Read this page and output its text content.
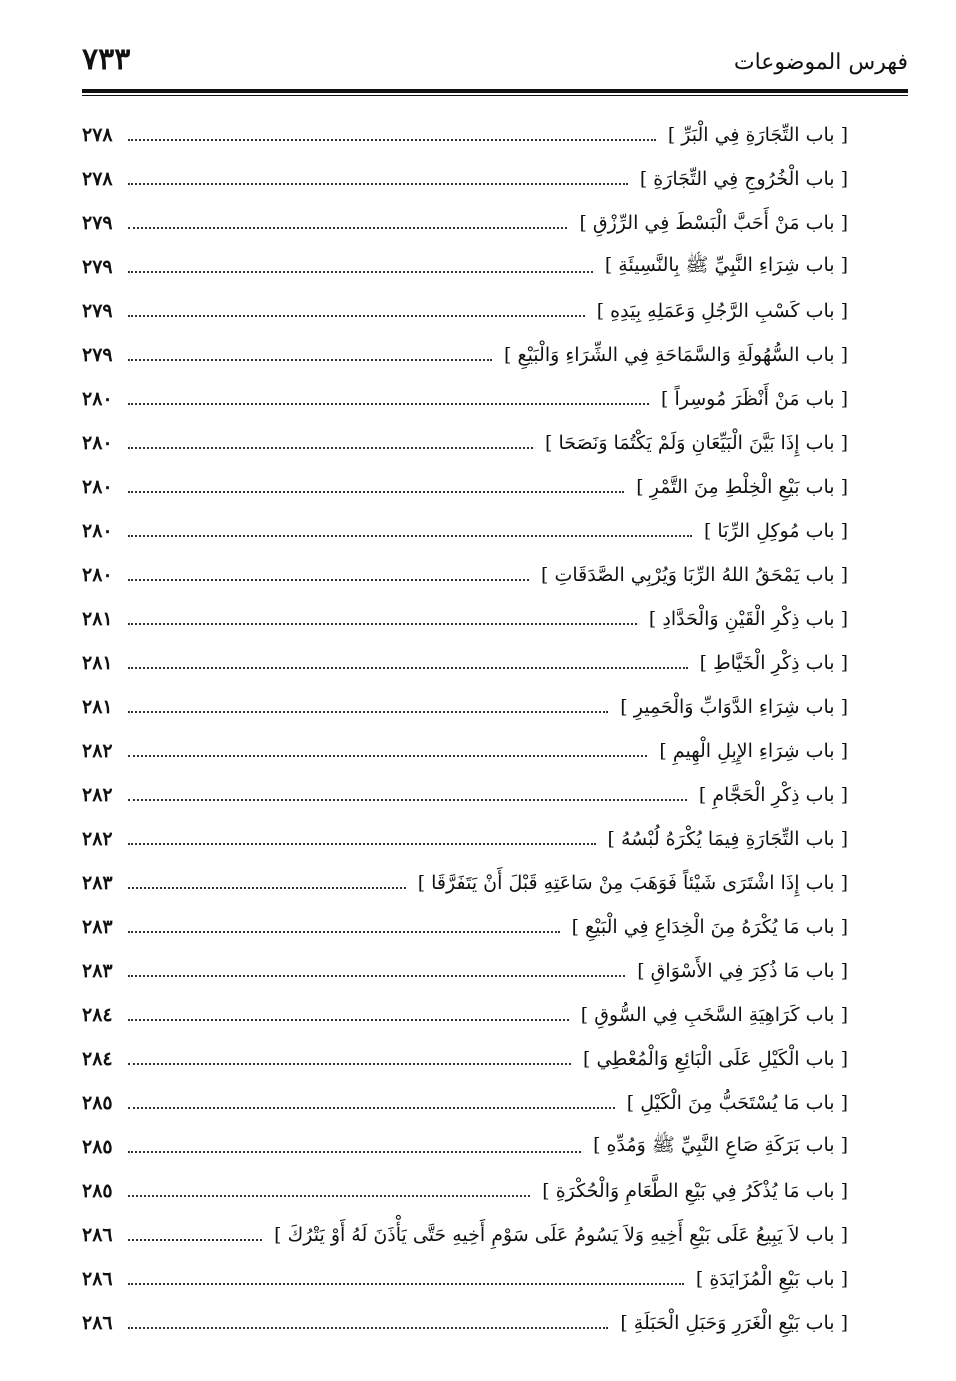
٧٣٣	فهرس الموضوعات
[ باب التِّجَارَةِ فِي الْبَرِّ ]
٢٧٨
[ باب الْخُرُوجِ فِي التِّجَارَةِ ]
٢٧٨
[ باب مَنْ أَحَبَّ الْبَسْطَ فِي الرِّزْقِ ]
٢٧٩
[ باب شِرَاءِ النَّبِيِّ ﷺ بِالنَّسِيئَةِ ]
٢٧٩
[ باب كَسْبِ الرَّجُلِ وَعَمَلِهِ بِيَدِهِ ]
٢٧٩
[ باب السُّهُولَةِ وَالسَّمَاحَةِ فِي الشِّرَاءِ وَالْبَيْعِ ]
٢٧٩
[ باب مَنْ أَنْظَرَ مُوسِراً ]
٢٨٠
[ باب إِذَا بَيَّنَ الْبَيِّعَانِ وَلَمْ يَكْتُمَا وَنَصَحَا ]
٢٨٠
[ باب بَيْعِ الْخِلْطِ مِنَ التَّمْرِ ]
٢٨٠
[ باب مُوكِلِ الرِّبَا ]
٢٨٠
[ باب يَمْحَقُ اللهُ الرِّبَا وَيُرْبِي الصَّدَقَاتِ ]
٢٨٠
[ باب ذِكْرِ الْقَيْنِ وَالْحَدَّادِ ]
٢٨١
[ باب ذِكْرِ الْخَيَّاطِ ]
٢٨١
[ باب شِرَاءِ الدَّوَابِّ وَالْحَمِيرِ ]
٢٨١
[ باب شِرَاءِ الإِبِلِ الْهِيمِ ]
٢٨٢
[ باب ذِكْرِ الْحَجَّامِ ]
٢٨٢
[ باب التِّجَارَةِ فِيمَا يُكْرَهُ لُبْسُهُ ]
٢٨٢
[ باب إِذَا اشْتَرَى شَيْئاً فَوَهَبَ مِنْ سَاعَتِهِ قَبْلَ أَنْ يَتَفَرَّقَا ]
٢٨٣
[ باب مَا يُكْرَهُ مِنَ الْخِدَاعِ فِي الْبَيْعِ ]
٢٨٣
[ باب مَا ذُكِرَ فِي الأَسْوَاقِ ]
٢٨٣
[ باب كَرَاهِيَةِ السَّخَبِ فِي السُّوقِ ]
٢٨٤
[ باب الْكَيْلِ عَلَى الْبَائِعِ وَالْمُعْطِي ]
٢٨٤
[ باب مَا يُسْتَحَبُّ مِنَ الْكَيْلِ ]
٢٨٥
[ باب بَرَكَةِ صَاعِ النَّبِيِّ ﷺ وَمُدِّهِ ]
٢٨٥
[ باب مَا يُذْكَرُ فِي بَيْعِ الطَّعَامِ وَالْحُكْرَةِ ]
٢٨٥
[ باب لاَ يَبِيعُ عَلَى بَيْعِ أَخِيهِ وَلاَ يَسُومُ عَلَى سَوْمِ أَخِيهِ حَتَّى يَأْذَنَ لَهُ أَوْ يَتْرُكَ ]
٢٨٦
[ باب بَيْعِ الْمُزَايَدَةِ ]
٢٨٦
[ باب بَيْعِ الْغَرَرِ وَحَبَلِ الْحَبَلَةِ ]
٢٨٦
